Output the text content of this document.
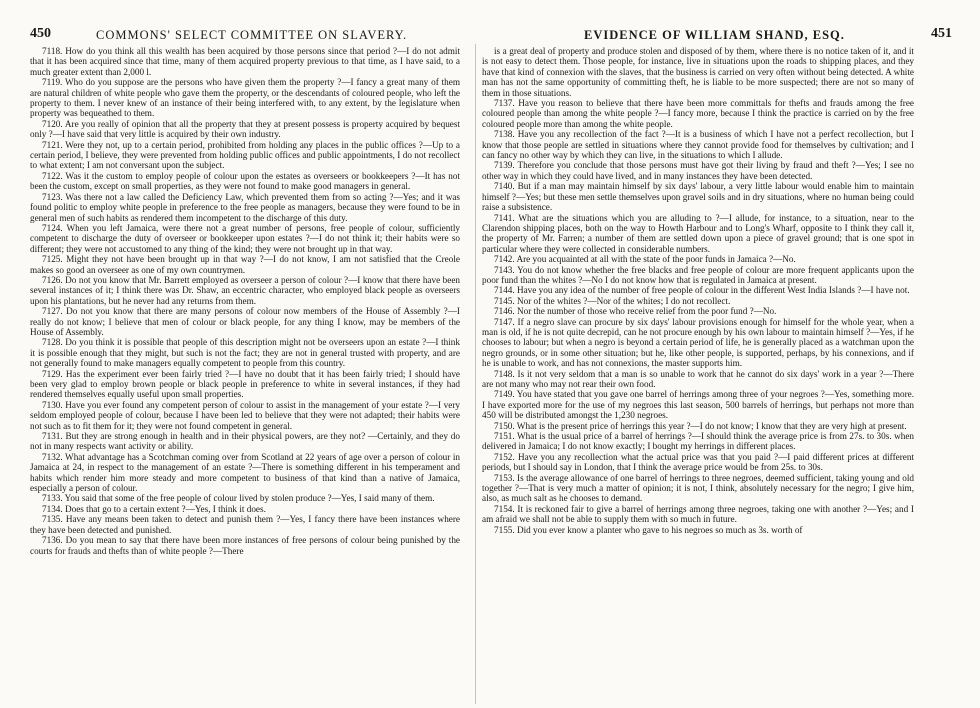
450	COMMONS' SELECT COMMITTEE ON SLAVERY.	EVIDENCE OF WILLIAM SHAND, ESQ.	451

7118. How do you think all this wealth has been acquired by those persons since that period ?—I do not admit that it has been acquired since that time, many of them acquired property previous to that time, as I have said, to a much greater extent than 2,000 l.

7119. Who do you suppose are the persons who have given them the property ?—I fancy a great many of them are natural children of white people who gave them the property, or the descendants of coloured people, who left the property to them. I never knew of an instance of their being interfered with, to any extent, by the legislature when property was bequeathed to them.

7120. Are you really of opinion that all the property that they at present possess is property acquired by bequest only ?—I have said that very little is acquired by their own industry.

7121. Were they not, up to a certain period, prohibited from holding any places in the public offices ?—Up to a certain period, I believe, they were prevented from holding public offices and public appointments, I do not recollect to what extent; I am not conversant upon the subject.

7122. Was it the custom to employ people of colour upon the estates as overseers or bookkeepers ?—It has not been the custom, except on small properties, as they were not found to make good managers in general.

7123. Was there not a law called the Deficiency Law, which prevented them from so acting ?—Yes; and it was found politic to employ white people in preference to the free people as managers, because they were found to be in general men of such habits as rendered them incompetent to the discharge of this duty.

7124. When you left Jamaica, were there not a great number of persons, free people of colour, sufficiently competent to discharge the duty of overseer or bookkeeper upon estates ?—I do not think it; their habits were so different; they were not accustomed to any thing of the kind; they were not brought up in that way.

7125. Might they not have been brought up in that way ?—I do not know, I am not satisfied that the Creole makes so good an overseer as one of my own countrymen.

7126. Do not you know that Mr. Barrett employed as overseer a person of colour ?—I know that there have been several instances of it; I think there was Dr. Shaw, an eccentric character, who employed black people as overseers upon his plantations, but he never had any returns from them.

7127. Do not you know that there are many persons of colour now members of the House of Assembly ?—I really do not know; I believe that men of colour or black people, for any thing I know, may be members of the House of Assembly.

7128. Do you think it is possible that people of this description might not be overseers upon an estate ?—I think it is possible enough that they might, but such is not the fact; they are not in general trusted with property, and are not generally found to make managers equally competent to people from this country.

7129. Has the experiment ever been fairly tried ?—I have no doubt that it has been fairly tried; I should have been very glad to employ brown people or black people in preference to white in several instances, if they had rendered themselves equally useful upon small properties.

7130. Have you ever found any competent person of colour to assist in the management of your estate ?—I very seldom employed people of colour, because I have been led to believe that they were not adapted; their habits were not such as to fit them for it; they were not found competent in general.

7131. But they are strong enough in health and in their physical powers, are they not? —Certainly, and they do not in many respects want activity or ability.

7132. What advantage has a Scotchman coming over from Scotland at 22 years of age over a person of colour in Jamaica at 24, in respect to the management of an estate ?—There is something different in his temperament and habits which render him more steady and more competent to business of that kind than a native of Jamaica, especially a person of colour.

7133. You said that some of the free people of colour lived by stolen produce ?—Yes, I said many of them.

7134. Does that go to a certain extent ?—Yes, I think it does.

7135. Have any means been taken to detect and punish them ?—Yes, I fancy there have been instances where they have been detected and punished.

7136. Do you mean to say that there have been more instances of free persons of colour being punished by the courts for frauds and thefts than of white people ?—There

is a great deal of property and produce stolen and disposed of by them, where there is no notice taken of it, and it is not easy to detect them. Those people, for instance, live in situations upon the roads to shipping places, and they have that kind of connexion with the slaves, that the business is carried on very often without being detected. A white man has not the same opportunity of committing theft, he is liable to be more suspected; there are not so many of them in those situations.

7137. Have you reason to believe that there have been more committals for thefts and frauds among the free coloured people than among the white people ?—I fancy more, because I think the practice is carried on by the free coloured people more than among the white people.

7138. Have you any recollection of the fact ?—It is a business of which I have not a perfect recollection, but I know that those people are settled in situations where they cannot provide food for themselves by cultivation; and I can fancy no other way by which they can live, in the situations to which I allude.

7139. Therefore you conclude that those persons must have got their living by fraud and theft ?—Yes; I see no other way in which they could have lived, and in many instances they have been detected.

7140. But if a man may maintain himself by six days' labour, a very little labour would enable him to maintain himself ?—Yes; but these men settle themselves upon gravel soils and in dry situations, where no human being could raise a subsistence.

7141. What are the situations which you are alluding to ?—I allude, for instance, to a situation, near to the Clarendon shipping places, both on the way to Howth Harbour and to Long's Wharf, opposite to I think they call it, the property of Mr. Farren; a number of them are settled down upon a piece of gravel ground; that is one spot in particular where they were collected in considerable numbers.

7142. Are you acquainted at all with the state of the poor funds in Jamaica ?—No.

7143. You do not know whether the free blacks and free people of colour are more frequent applicants upon the poor fund than the whites ?—No I do not know how that is regulated in Jamaica at present.

7144. Have you any idea of the number of free people of colour in the different West India Islands ?—I have not.

7145. Nor of the whites ?—Nor of the whites; I do not recollect.

7146. Nor the number of those who receive relief from the poor fund ?—No.

7147. If a negro slave can procure by six days' labour provisions enough for himself for the whole year, when a man is old, if he is not quite decrepid, can he not procure enough by his own labour to maintain himself ?—Yes, if he chooses to labour; but when a negro is beyond a certain period of life, he is generally placed as a watchman upon the negro grounds, or in some other situation; but he, like other people, is supported, perhaps, by his connexions, and if he is unable to work, and has not connexions, the master supports him.

7148. Is it not very seldom that a man is so unable to work that he cannot do six days' work in a year ?—There are not many who may not rear their own food.

7149. You have stated that you gave one barrel of herrings among three of your negroes ?—Yes, something more. I have exported more for the use of my negroes this last season, 500 barrels of herrings, but perhaps not more than 450 will be distributed amongst the 1,230 negroes.

7150. What is the present price of herrings this year ?—I do not know; I know that they are very high at present.

7151. What is the usual price of a barrel of herrings ?—I should think the average price is from 27s. to 30s. when delivered in Jamaica; I do not know exactly; I bought my herrings in different places.

7152. Have you any recollection what the actual price was that you paid ?—I paid different prices at different periods, but I should say in London, that I think the average price would be from 25s. to 30s.

7153. Is the average allowance of one barrel of herrings to three negroes, deemed sufficient, taking young and old together ?—That is very much a matter of opinion; it is not, I think, absolutely necessary for the negro; I give him, also, as much salt as he chooses to demand.

7154. It is reckoned fair to give a barrel of herrings among three negroes, taking one with another ?—Yes; and I am afraid we shall not be able to supply them with so much in future.

7155. Did you ever know a planter who gave to his negroes so much as 3s. worth of
